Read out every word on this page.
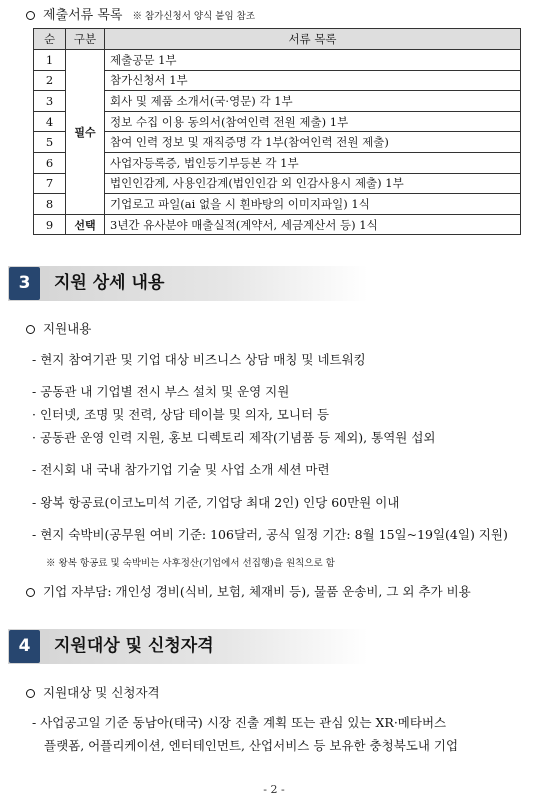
제출서류 목록 ※ 참가신청서 양식 붙임 참조
순	구분	서류 목록
1	필수	제출공문 1부
2		참가신청서 1부
3		회사 및 제품 소개서(국·영문) 각 1부
4		정보 수집 이용 동의서(참여인력 전원 제출) 1부
5		참여 인력 정보 및 재직증명 각 1부(참여인력 전원 제출)
6		사업자등록증, 법인등기부등본 각 1부
7		법인인감계, 사용인감계(법인인감 외 인감사용시 제출) 1부
8		기업로고 파일(ai 없을 시 흰바탕의 이미지파일) 1식
9	선택	3년간 유사분야 매출실적(계약서, 세금계산서 등) 1식
3	지원 상세 내용
지원내용
- 현지 참여기관 및 기업 대상 비즈니스 상담 매칭 및 네트워킹
- 공동관 내 기업별 전시 부스 설치 및 운영 지원
· 인터넷, 조명 및 전력, 상담 테이블 및 의자, 모니터 등
· 공동관 운영 인력 지원, 홍보 디렉토리 제작(기념품 등 제외), 통역원 섭외
- 전시회 내 국내 참가기업 기술 및 사업 소개 세션 마련
- 왕복 항공료(이코노미석 기준, 기업당 최대 2인) 인당 60만원 이내
- 현지 숙박비(공무원 여비 기준: 106달러, 공식 일정 기간: 8월 15일~19일(4일) 지원)
※ 왕복 항공료 및 숙박비는 사후정산(기업에서 선집행)을 원칙으로 함
기업 자부담: 개인성 경비(식비, 보험, 체재비 등), 물품 운송비, 그 외 추가 비용
4	지원대상 및 신청자격
지원대상 및 신청자격
- 사업공고일 기준 동남아(태국) 시장 진출 계획 또는 관심 있는 XR·메타버스
플랫폼, 어플리케이션, 엔터테인먼트, 산업서비스 등 보유한 충청북도내 기업
- 2 -
